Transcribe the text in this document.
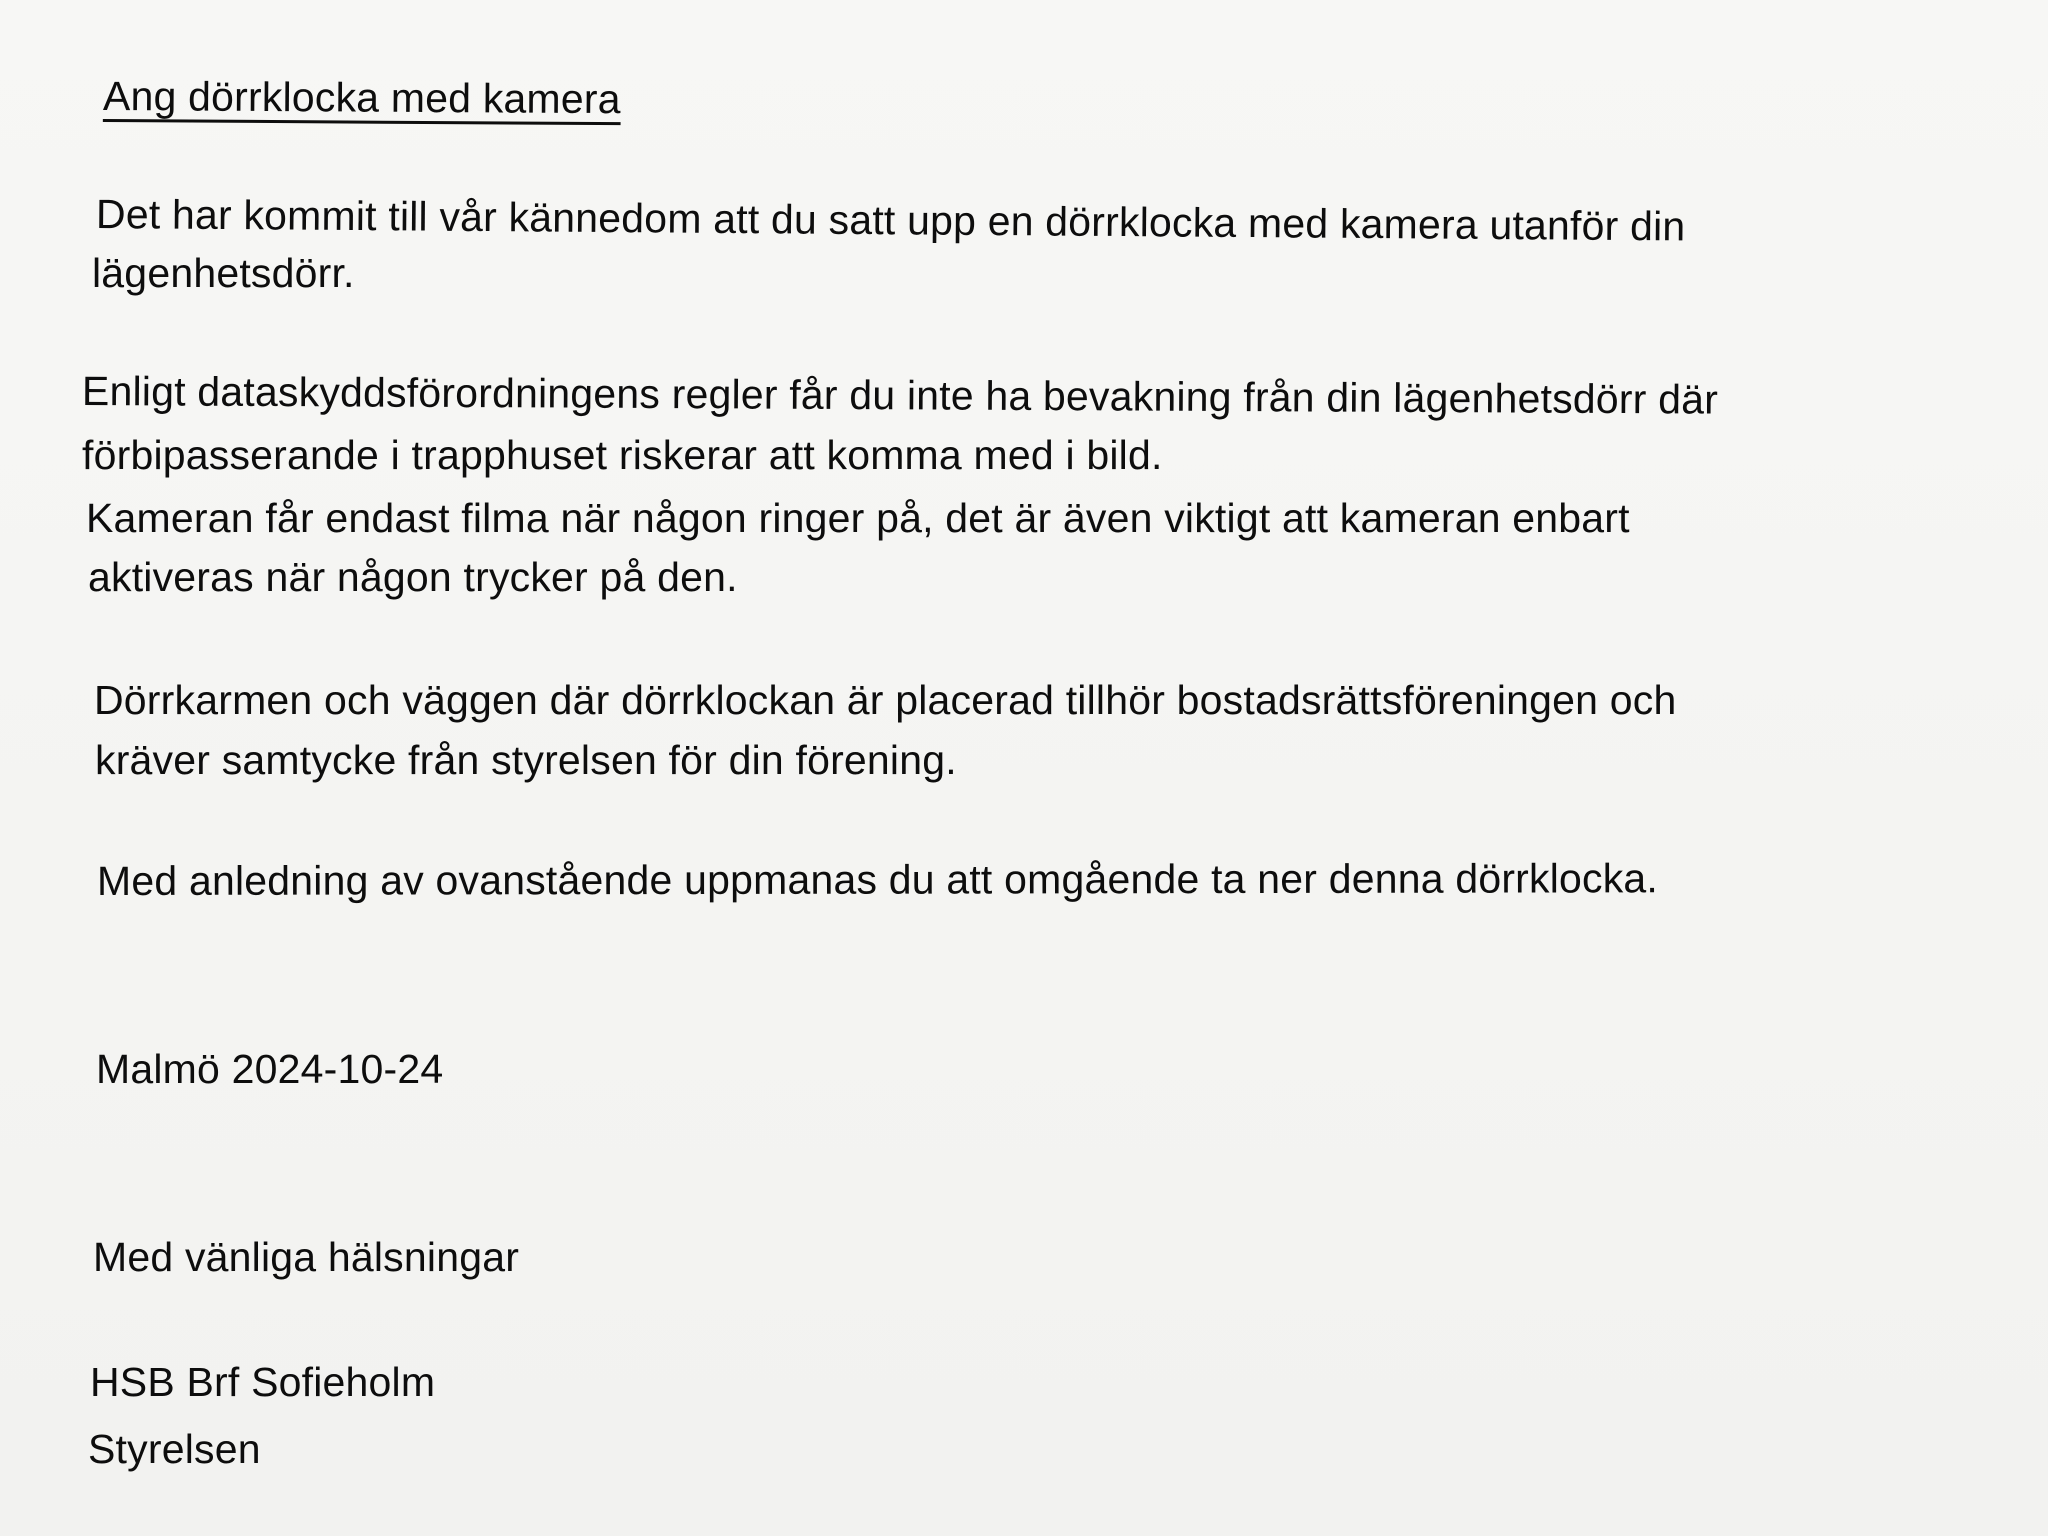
Ang dörrklocka med kamera

Det har kommit till vår kännedom att du satt upp en dörrklocka med kamera utanför din

lägenhetsdörr.

Enligt dataskyddsförordningens regler får du inte ha bevakning från din lägenhetsdörr där

förbipasserande i trapphuset riskerar att komma med i bild.

Kameran får endast filma när någon ringer på, det är även viktigt att kameran enbart

aktiveras när någon trycker på den.

Dörrkarmen och väggen där dörrklockan är placerad tillhör bostadsrättsföreningen och

kräver samtycke från styrelsen för din förening.

Med anledning av ovanstående uppmanas du att omgående ta ner denna dörrklocka.

Malmö 2024-10-24

Med vänliga hälsningar

HSB Brf Sofieholm

Styrelsen
